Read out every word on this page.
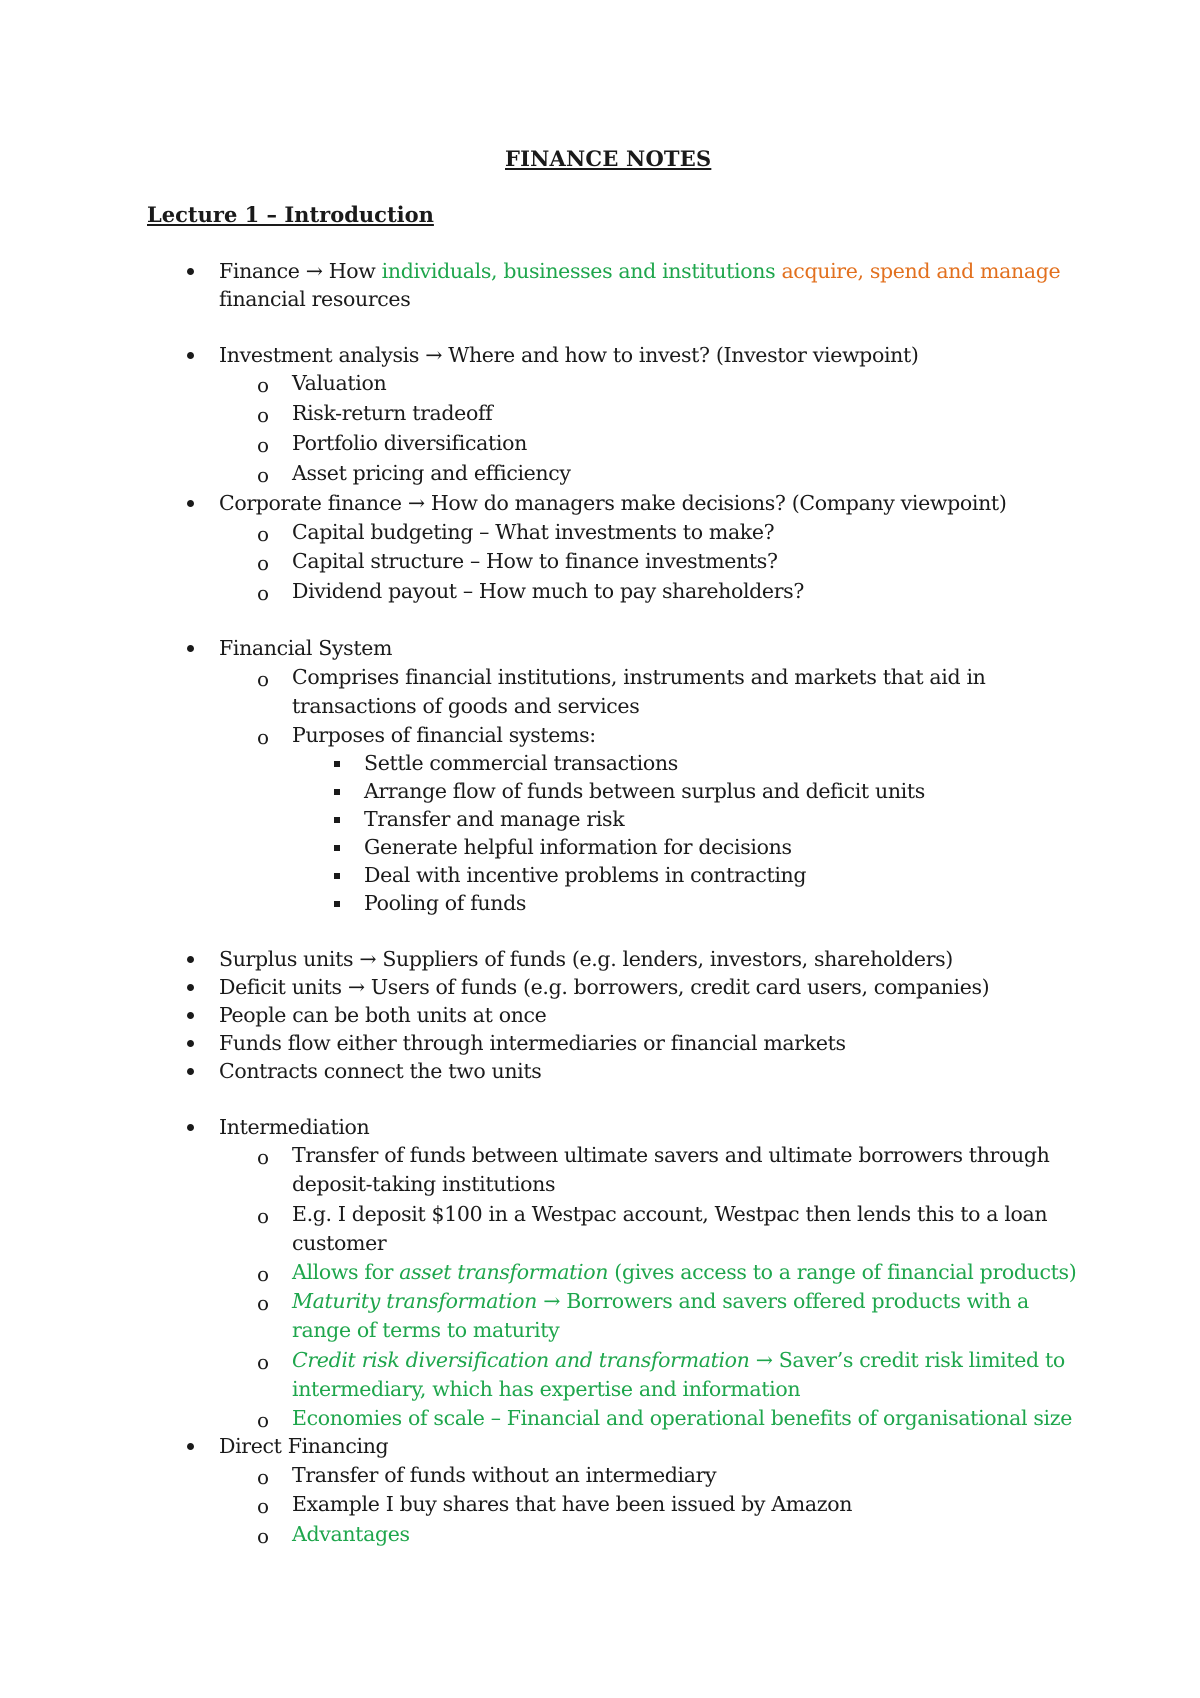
FINANCE NOTES
Lecture 1 – Introduction
Finance → How individuals, businesses and institutions acquire, spend and manage
financial resources
Investment analysis → Where and how to invest? (Investor viewpoint)
o Valuation
o Risk-return tradeoff
o Portfolio diversification
o Asset pricing and efficiency
Corporate finance → How do managers make decisions? (Company viewpoint)
o Capital budgeting – What investments to make?
o Capital structure – How to finance investments?
o Dividend payout – How much to pay shareholders?
Financial System
o Comprises financial institutions, instruments and markets that aid in
transactions of goods and services
o Purposes of financial systems:
Settle commercial transactions
Arrange flow of funds between surplus and deficit units
Transfer and manage risk
Generate helpful information for decisions
Deal with incentive problems in contracting
Pooling of funds
Surplus units → Suppliers of funds (e.g. lenders, investors, shareholders)
Deficit units → Users of funds (e.g. borrowers, credit card users, companies)
People can be both units at once
Funds flow either through intermediaries or financial markets
Contracts connect the two units
Intermediation
o Transfer of funds between ultimate savers and ultimate borrowers through
deposit-taking institutions
o E.g. I deposit $100 in a Westpac account, Westpac then lends this to a loan
customer
o Allows for asset transformation (gives access to a range of financial products)
o Maturity transformation → Borrowers and savers offered products with a
range of terms to maturity
o Credit risk diversification and transformation → Saver’s credit risk limited to
intermediary, which has expertise and information
o Economies of scale – Financial and operational benefits of organisational size
Direct Financing
o Transfer of funds without an intermediary
o Example I buy shares that have been issued by Amazon
o Advantages
